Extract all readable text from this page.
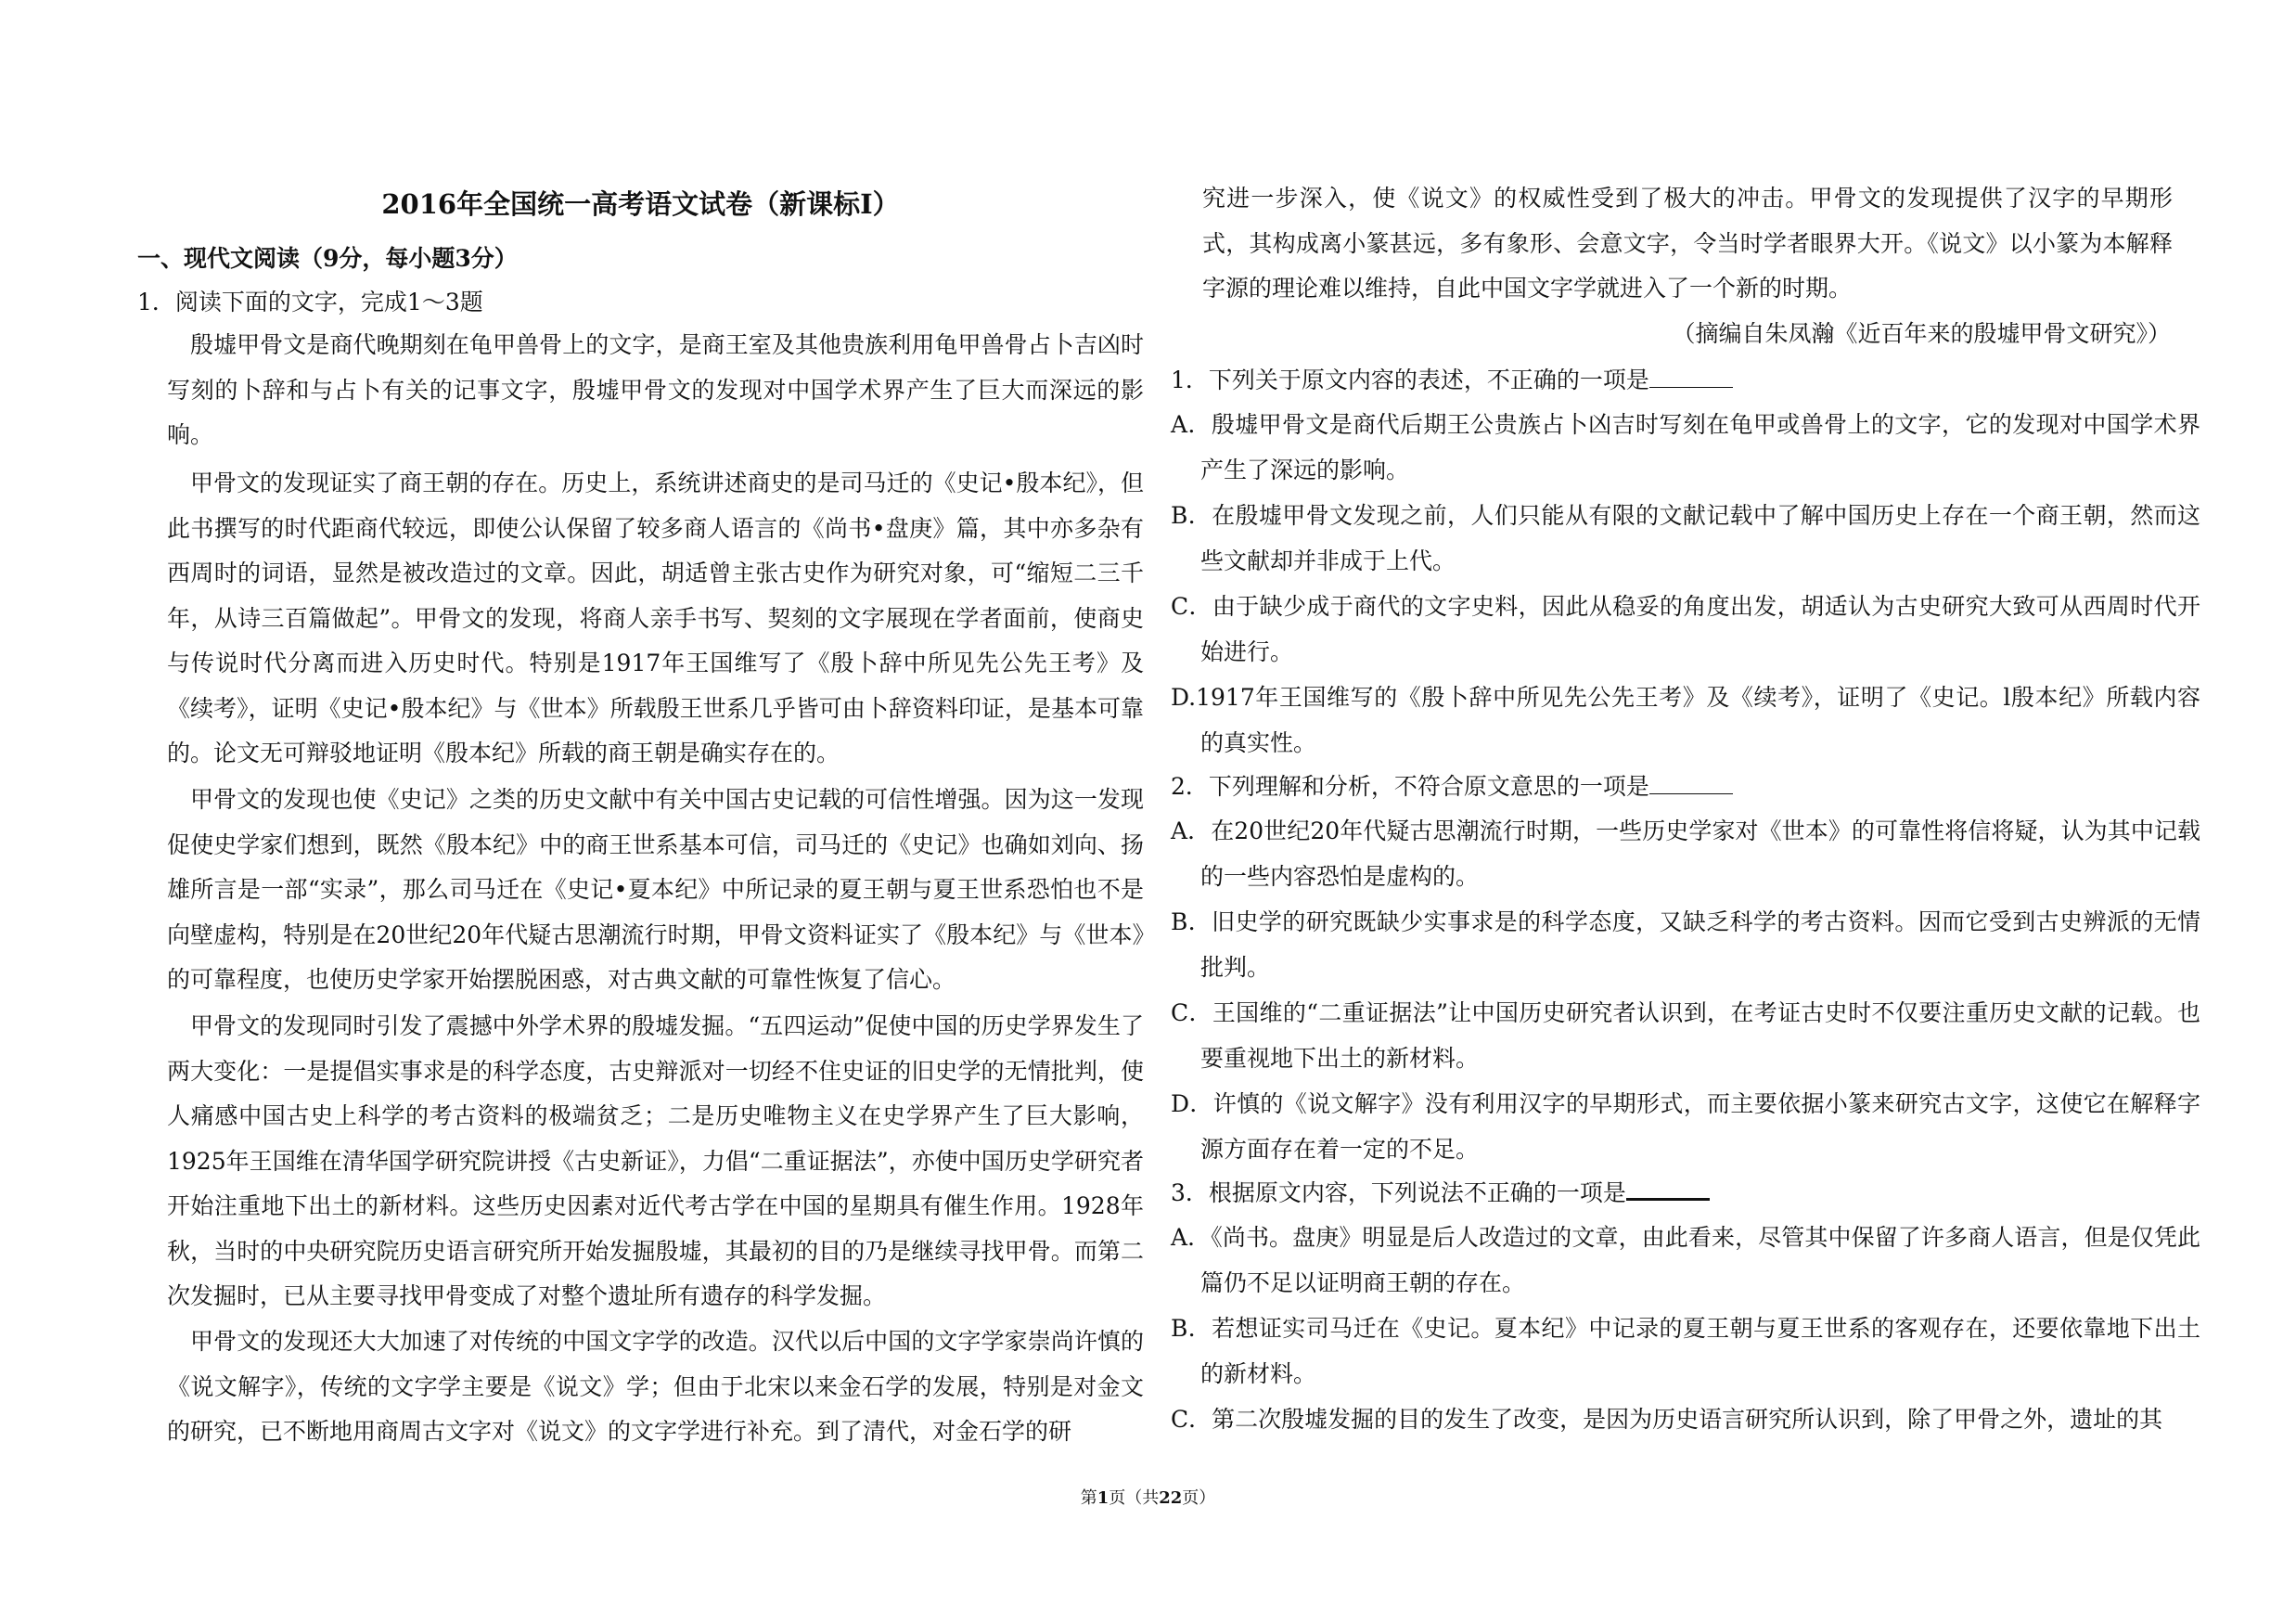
2016年全国统一高考语文试卷（新课标Ⅰ）
一、现代文阅读（9分，每小题3分）
1．阅读下面的文字，完成1～3题

殷墟甲骨文是商代晚期刻在龟甲兽骨上的文字，是商王室及其他贵族利用龟甲兽骨占卜吉凶时写刻的卜辞和与占卜有关的记事文字，殷墟甲骨文的发现对中国学术界产生了巨大而深远的影响。

甲骨文的发现证实了商王朝的存在。历史上，系统讲述商史的是司马迁的《史记•殷本纪》，但此书撰写的时代距商代较远，即使公认保留了较多商人语言的《尚书•盘庚》篇，其中亦多杂有西周时的词语，显然是被改造过的文章。因此，胡适曾主张古史作为研究对象，可“缩短二三千年，从诗三百篇做起”。甲骨文的发现，将商人亲手书写、契刻的文字展现在学者面前，使商史与传说时代分离而进入历史时代。特别是1917年王国维写了《殷卜辞中所见先公先王考》及《续考》，证明《史记•殷本纪》与《世本》所载殷王世系几乎皆可由卜辞资料印证，是基本可靠的。论文无可辩驳地证明《殷本纪》所载的商王朝是确实存在的。

甲骨文的发现也使《史记》之类的历史文献中有关中国古史记载的可信性增强。因为这一发现促使史学家们想到，既然《殷本纪》中的商王世系基本可信，司马迁的《史记》也确如刘向、扬雄所言是一部“实录”，那么司马迁在《史记•夏本纪》中所记录的夏王朝与夏王世系恐怕也不是向壁虚构，特别是在20世纪20年代疑古思潮流行时期，甲骨文资料证实了《殷本纪》与《世本》的可靠程度，也使历史学家开始摆脱困惑，对古典文献的可靠性恢复了信心。

甲骨文的发现同时引发了震撼中外学术界的殷墟发掘。“五四运动”促使中国的历史学界发生了两大变化：一是提倡实事求是的科学态度，古史辩派对一切经不住史证的旧史学的无情批判，使人痛感中国古史上科学的考古资料的极端贫乏；二是历史唯物主义在史学界产生了巨大影响，1925年王国维在清华国学研究院讲授《古史新证》，力倡“二重证据法”，亦使中国历史学研究者开始注重地下出土的新材料。这些历史因素对近代考古学在中国的星期具有催生作用。1928年秋，当时的中央研究院历史语言研究所开始发掘殷墟，其最初的目的乃是继续寻找甲骨。而第二次发掘时，已从主要寻找甲骨变成了对整个遗址所有遗存的科学发掘。

甲骨文的发现还大大加速了对传统的中国文字学的改造。汉代以后中国的文字学家崇尚许慎的《说文解字》，传统的文字学主要是《说文》学；但由于北宋以来金石学的发展，特别是对金文的研究，已不断地用商周古文字对《说文》的文字学进行补充。到了清代，对金石学的研

究进一步深入，使《说文》的权威性受到了极大的冲击。甲骨文的发现提供了汉字的早期形式，其构成离小篆甚远，多有象形、会意文字，令当时学者眼界大开。《说文》以小篆为本解释字源的理论难以维持，自此中国文字学就进入了一个新的时期。

（摘编自朱凤瀚《近百年来的殷墟甲骨文研究》）
1．下列关于原文内容的表述，不正确的一项是

A．殷墟甲骨文是商代后期王公贵族占卜凶吉时写刻在龟甲或兽骨上的文字，它的发现对中国学术界产生了深远的影响。

B．在殷墟甲骨文发现之前，人们只能从有限的文献记载中了解中国历史上存在一个商王朝，然而这些文献却并非成于上代。

C．由于缺少成于商代的文字史料，因此从稳妥的角度出发，胡适认为古史研究大致可从西周时代开始进行。

D.1917年王国维写的《殷卜辞中所见先公先王考》及《续考》，证明了《史记。l殷本纪》所载内容的真实性。

2．下列理解和分析，不符合原文意思的一项是

A．在20世纪20年代疑古思潮流行时期，一些历史学家对《世本》的可靠性将信将疑，认为其中记载的一些内容恐怕是虚构的。

B．旧史学的研究既缺少实事求是的科学态度，又缺乏科学的考古资料。因而它受到古史辨派的无情批判。

C．王国维的“二重证据法”让中国历史研究者认识到，在考证古史时不仅要注重历史文献的记载。也要重视地下出土的新材料。

D．许慎的《说文解字》没有利用汉字的早期形式，而主要依据小篆来研究古文字，这使它在解释字源方面存在着一定的不足。

3．根据原文内容，下列说法不正确的一项是

A．《尚书。盘庚》明显是后人改造过的文章，由此看来，尽管其中保留了许多商人语言，但是仅凭此篇仍不足以证明商王朝的存在。

B．若想证实司马迁在《史记。夏本纪》中记录的夏王朝与夏王世系的客观存在，还要依靠地下出土的新材料。

C．第二次殷墟发掘的目的发生了改变，是因为历史语言研究所认识到，除了甲骨之外，遗址的其

第1页（共22页）
